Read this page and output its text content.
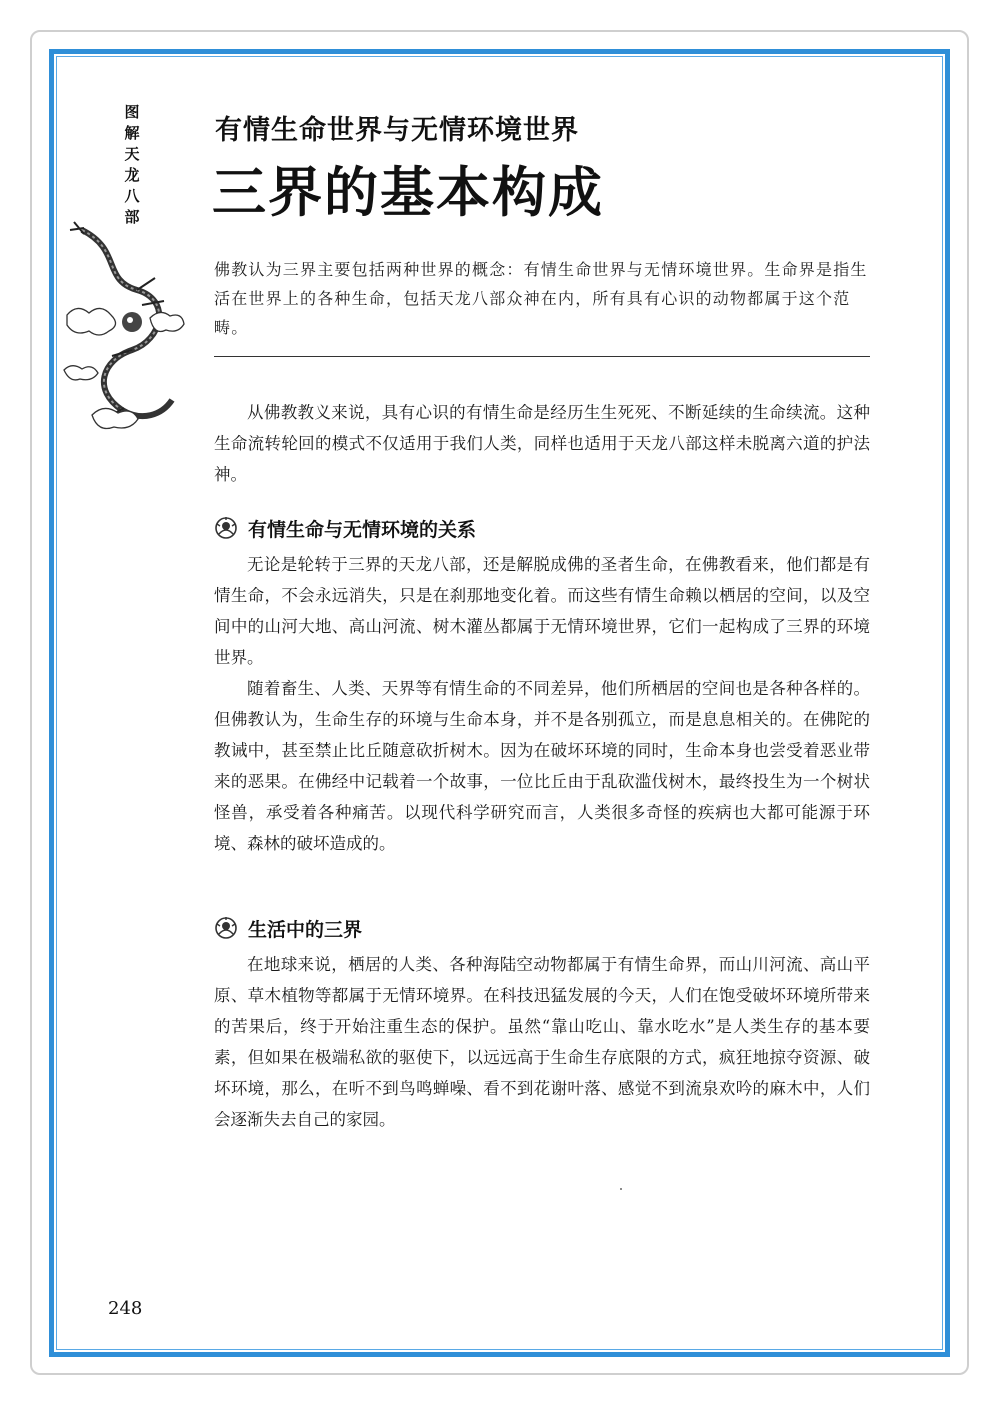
图
解
天
龙
八
部
有情生命世界与无情环境世界
三界的基本构成

佛教认为三界主要包括两种世界的概念：有情生命世界与无情环境世界。生命界是指生活在世界上的各种生命，包括天龙八部众神在内，所有具有心识的动物都属于这个范畴。

从佛教教义来说，具有心识的有情生命是经历生生死死、不断延续的生命续流。这种生命流转轮回的模式不仅适用于我们人类，同样也适用于天龙八部这样未脱离六道的护法神。

有情生命与无情环境的关系

无论是轮转于三界的天龙八部，还是解脱成佛的圣者生命，在佛教看来，他们都是有情生命，不会永远消失，只是在刹那地变化着。而这些有情生命赖以栖居的空间，以及空间中的山河大地、高山河流、树木灌丛都属于无情环境世界，它们一起构成了三界的环境世界。

随着畜生、人类、天界等有情生命的不同差异，他们所栖居的空间也是各种各样的。但佛教认为，生命生存的环境与生命本身，并不是各别孤立，而是息息相关的。在佛陀的教诫中，甚至禁止比丘随意砍折树木。因为在破坏环境的同时，生命本身也尝受着恶业带来的恶果。在佛经中记载着一个故事，一位比丘由于乱砍滥伐树木，最终投生为一个树状怪兽，承受着各种痛苦。以现代科学研究而言，人类很多奇怪的疾病也大都可能源于环境、森林的破坏造成的。

生活中的三界

在地球来说，栖居的人类、各种海陆空动物都属于有情生命界，而山川河流、高山平原、草木植物等都属于无情环境界。在科技迅猛发展的今天，人们在饱受破坏环境所带来的苦果后，终于开始注重生态的保护。虽然“靠山吃山、靠水吃水”是人类生存的基本要素，但如果在极端私欲的驱使下，以远远高于生命生存底限的方式，疯狂地掠夺资源、破坏环境，那么，在听不到鸟鸣蝉噪、看不到花谢叶落、感觉不到流泉欢吟的麻木中，人们会逐渐失去自己的家园。

248
